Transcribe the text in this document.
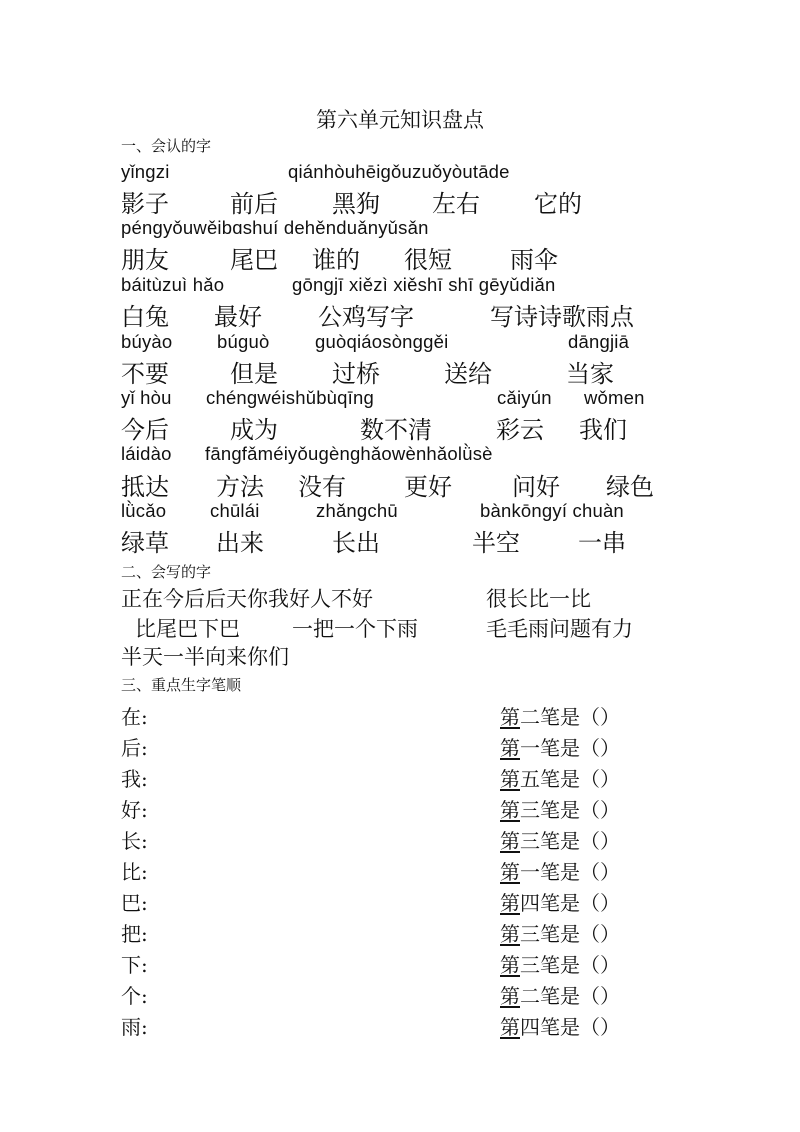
第六单元知识盘点
一、会认的字
yǐngzi	qiánhòuhēigǒuzuǒyòutāde
影子	前后 黑狗 左右 它的
péngyǒuwěibɑshuí dehěnduǎnyǔsǎn
朋友	尾巴 谁的 很短 雨伞
báitùzuì hǎo	gōngjī xiězì xiěshī shī gēyǔdiǎn
白兔 最好 公鸡写字	写诗诗歌雨点
búyào búguò guòqiáosònggěi	dāngjiā
不要	但是 过桥	送给	当家
yǐ hòu chéngwéishǔbùqīng	cǎiyún wǒmen
今后	成为	数不清	彩云 我们
láidào fāngfǎméiyǒugènghǎowènhǎolǜsè
抵达 方法 没有 更好	问好 绿色
lǜcǎo chūlái	zhǎngchū	bànkōngyí chuàn
绿草 出来	长出	半空 一串
二、会写的字
正在今后后天你我好人不好	很长比一比
比尾巴下巴 一把一个下雨	毛毛雨问题有力
半天一半向来你们
三、重点生字笔顺
在:	第二笔是（）
后:	第一笔是（）
我:	第五笔是（）
好:	第三笔是（）
长:	第三笔是（）
比:	第一笔是（）
巴:	第四笔是（）
把:	第三笔是（）
下:	第三笔是（）
个:	第二笔是（）
雨:	第四笔是（）
